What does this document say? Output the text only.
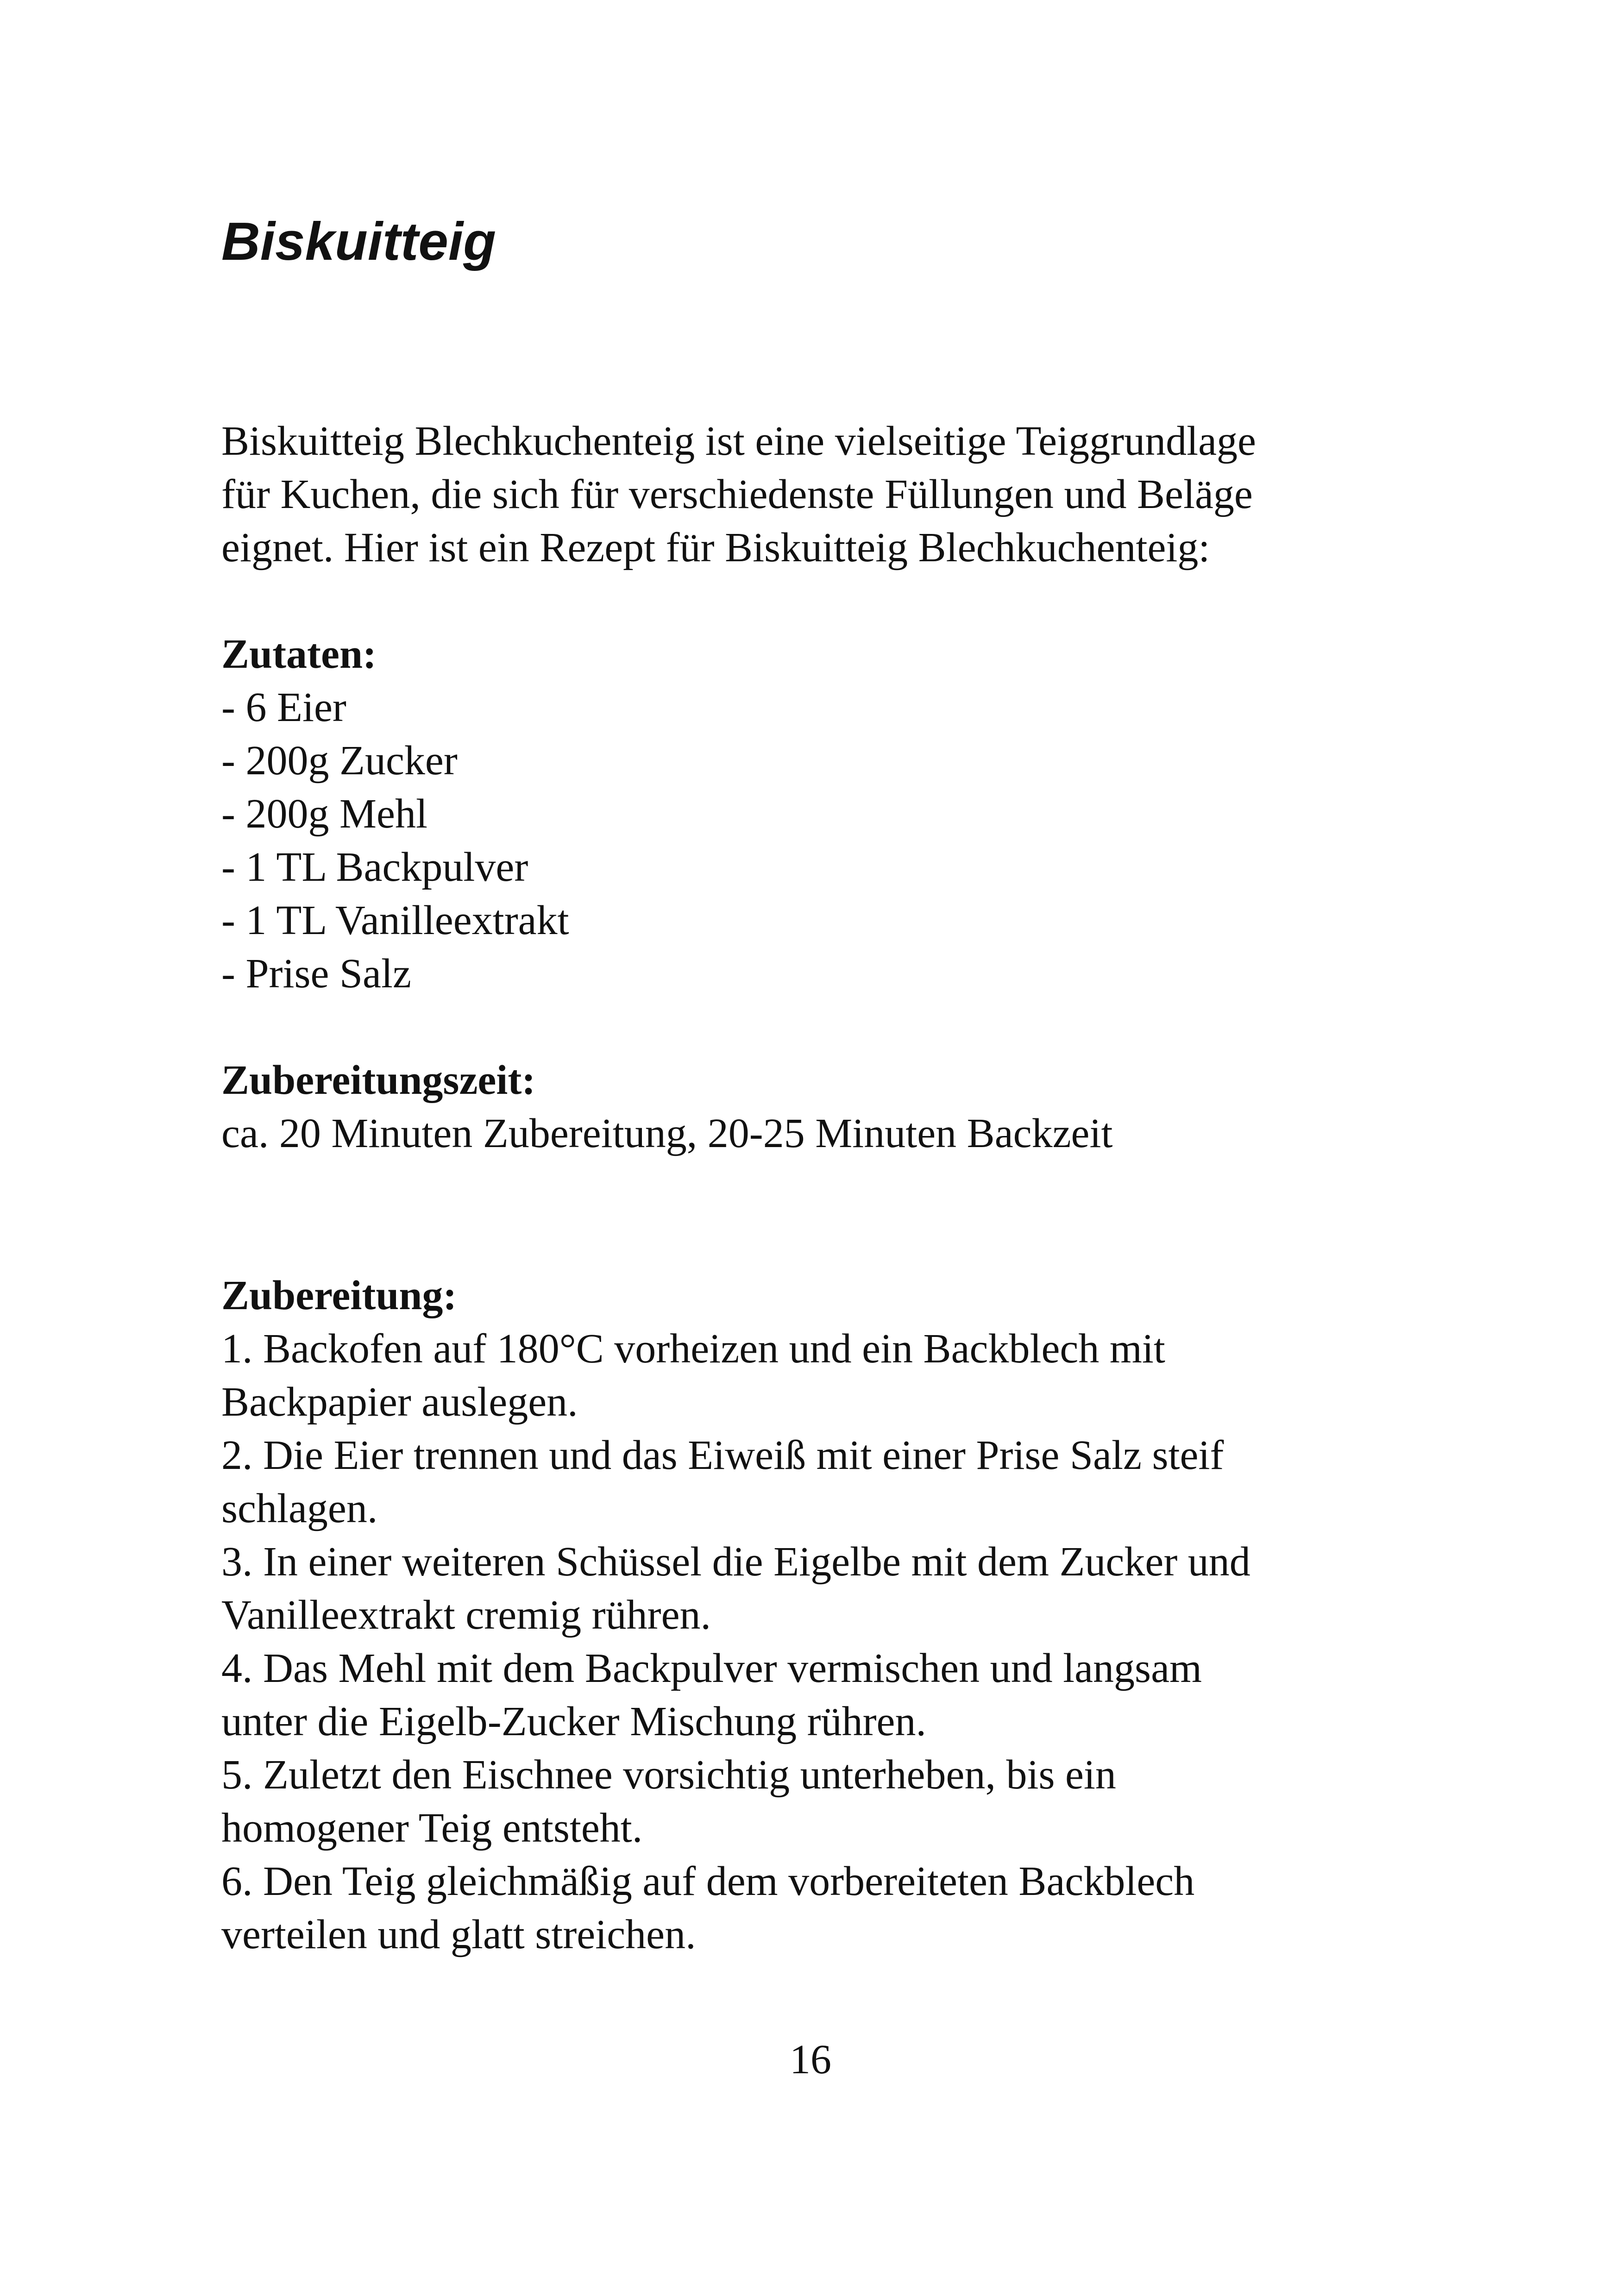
Biskuitteig

Biskuitteig Blechkuchenteig ist eine vielseitige Teiggrundlage

für Kuchen, die sich für verschiedenste Füllungen und Beläge

eignet. Hier ist ein Rezept für Biskuitteig Blechkuchenteig:

Zutaten:
- 6 Eier
- 200g Zucker
- 200g Mehl
- 1 TL Backpulver
- 1 TL Vanilleextrakt
- Prise Salz
Zubereitungszeit:
ca. 20 Minuten Zubereitung, 20-25 Minuten Backzeit
Zubereitung:
1. Backofen auf 180°C vorheizen und ein Backblech mit
Backpapier auslegen.
2. Die Eier trennen und das Eiweiß mit einer Prise Salz steif
schlagen.
3. In einer weiteren Schüssel die Eigelbe mit dem Zucker und
Vanilleextrakt cremig rühren.
4. Das Mehl mit dem Backpulver vermischen und langsam
unter die Eigelb-Zucker Mischung rühren.
5. Zuletzt den Eischnee vorsichtig unterheben, bis ein
homogener Teig entsteht.
6. Den Teig gleichmäßig auf dem vorbereiteten Backblech
verteilen und glatt streichen.
16
